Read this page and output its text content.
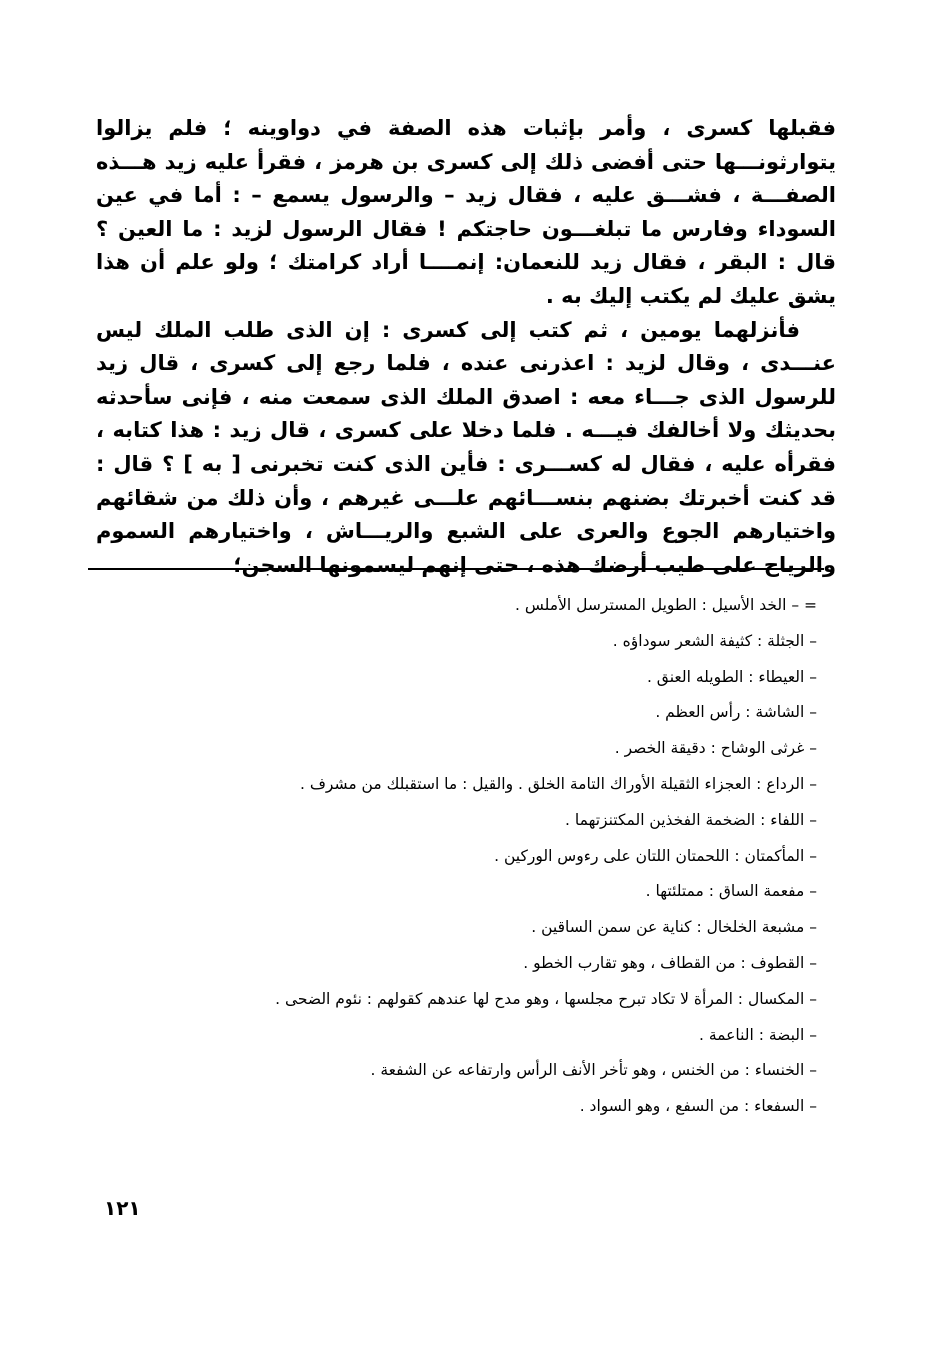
فقبلها كسرى ، وأمر بإثبات هذه الصفة في دواوينه ؛ فلم يزالوا يتوارثونـــها حتى أفضى ذلك إلى كسرى بن هرمز ، فقرأ عليه زيد هـــذه الصفـــة ، فشـــق عليه ، فقال زيد – والرسول يسمع – : أما في عين السوداء وفارس ما تبلغـــون حاجتكم ! فقال الرسول لزيد : ما العين ؟ قال : البقر ، فقال زيد للنعمان: إنمــــا أراد كرامتك ؛ ولو علم أن هذا يشق عليك لم يكتب إليك به .

فأنزلهما يومين ، ثم كتب إلى كسرى : إن الذى طلب الملك ليس عنـــدى ، وقال لزيد : اعذرنى عنده ، فلما رجع إلى كسرى ، قال زيد للرسول الذى جـــاء معه : اصدق الملك الذى سمعت منه ، فإنى سأحدثه بحديثك ولا أخالفك فيـــه . فلما دخلا على كسرى ، قال زيد : هذا كتابه ، فقرأه عليه ، فقال له كســـرى : فأين الذى كنت تخبرنى [ به ] ؟ قال : قد كنت أخبرتك بضنهم بنســـائهم علـــى غيرهم ، وأن ذلك من شقائهم واختيارهم الجوع والعرى على الشبع والريـــاش ، واختيارهم السموم والرياح على طيب أرضك هذه ، حتى إنهم ليسمونها السجن؛

= – الخد الأسيل : الطويل المسترسل الأملس .
– الجثلة : كثيفة الشعر سوداؤه .
– العيطاء : الطويله العنق .
– الشاشة : رأس العظم .
– غرثى الوشاح : دقيقة الخصر .
– الرداع : العجزاء الثقيلة الأوراك التامة الخلق . والقيل : ما استقبلك من مشرف .
– اللفاء : الضخمة الفخذين المكتنزتهما .
– المأكمتان : اللحمتان اللتان على رءوس الوركين .
– مفعمة الساق : ممتلئتها .
– مشبعة الخلخال : كناية عن سمن الساقين .
– القطوف : من القطاف ، وهو تقارب الخطو .
– المكسال : المرأة لا تكاد تبرح مجلسها ، وهو مدح لها عندهم كقولهم : نئوم الضحى .
– البضة : الناعمة .
– الخنساء : من الخنس ، وهو تأخر الأنف الرأس وارتفاعه عن الشفعة .
– السفعاء : من السفع ، وهو السواد .
١٢١
